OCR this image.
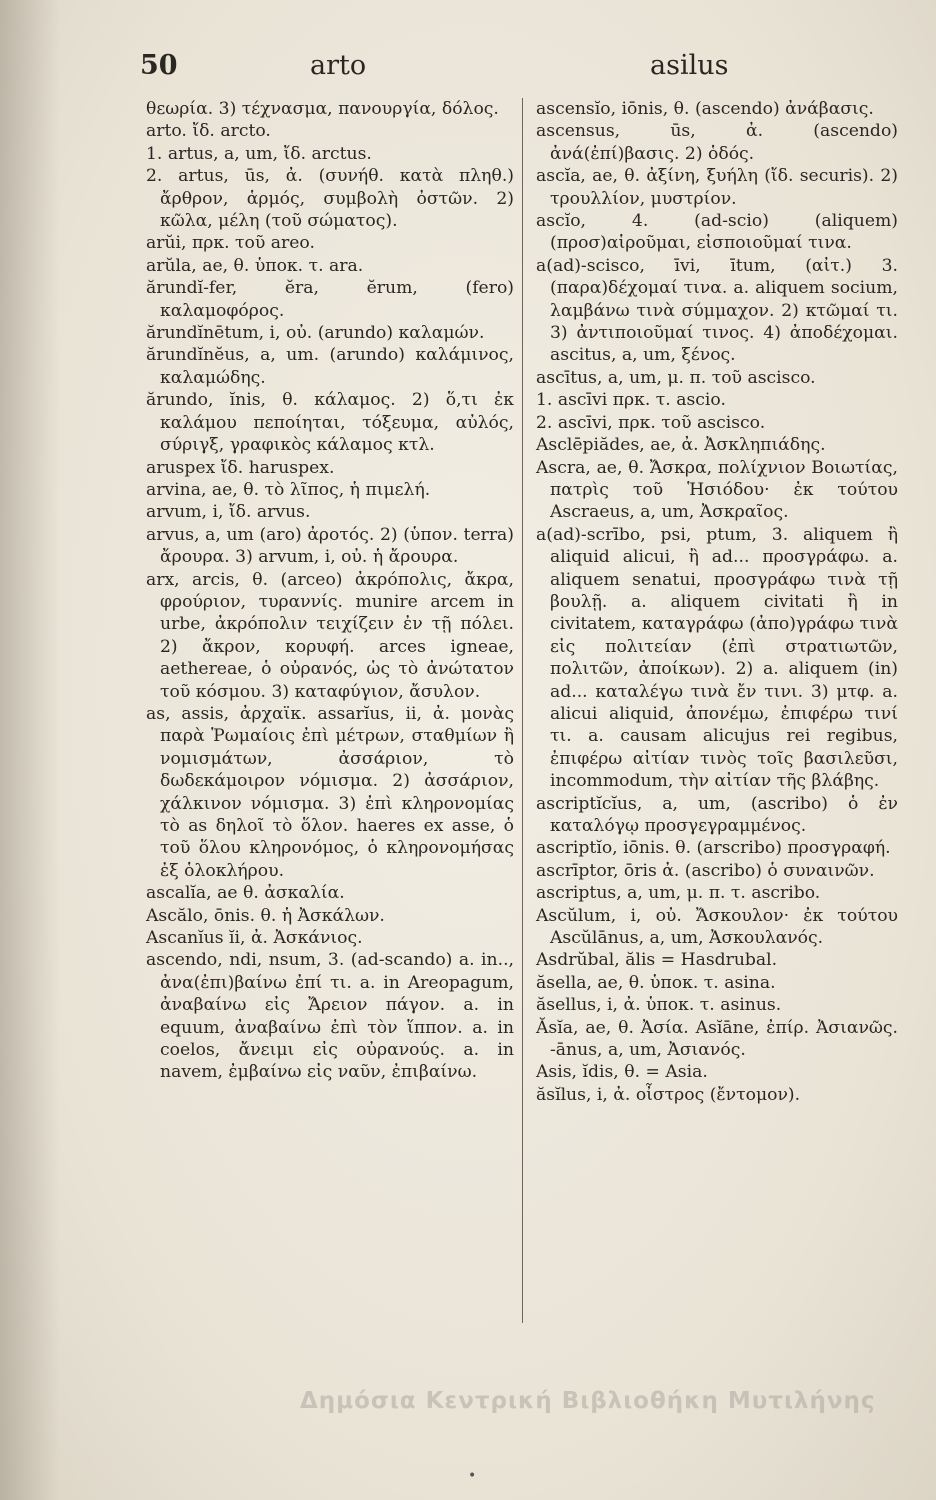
50	arto	asilus
θεωρία. 3) τέχνασμα, πανουργία, δόλος.
arto. ἴδ. arcto.
1. artus, a, um, ἴδ. arctus.
2. artus, ūs, ἀ. (συνήθ. κατὰ πληθ.) ἄρθρον, ἁρμός, συμβολὴ ὀστῶν. 2) κῶλα, μέλη (τοῦ σώματος).
arŭi, πρκ. τοῦ areo.
arŭla, ae, θ. ὑποκ. τ. ara.
ărundĭ-fer, ĕra, ĕrum, (fero) καλαμοφόρος.
ărundĭnētum, i, οὐ. (arundo) καλαμών.
ărundĭnĕus, a, um. (arundo) καλάμινος, καλαμώδης.
ărundo, ĭnis, θ. κάλαμος. 2) ὅ,τι ἐκ καλάμου πεποίηται, τόξευμα, αὐλός, σύριγξ, γραφικὸς κάλαμος κτλ.
aruspex ἴδ. haruspex.
arvina, ae, θ. τὸ λῖπος, ἡ πιμελή.
arvum, i, ἴδ. arvus.
arvus, a, um (aro) ἀροτός. 2) (ὑπον. terra) ἄρουρα. 3) arvum, i, οὐ. ἡ ἄρουρα.
arx, arcis, θ. (arceo) ἀκρόπολις, ἄκρα, φρούριον, τυραννίς. munire arcem in urbe, ἀκρόπολιν τειχίζειν ἐν τῇ πόλει. 2) ἄκρον, κορυφή. arces igneae, aethereae, ὁ οὐρανός, ὡς τὸ ἀνώτατον τοῦ κόσμου. 3) καταφύγιον, ἄσυλον.
as, assis, ἀρχαϊκ. assarĭus, ii, ἀ. μονὰς παρὰ Ῥωμαίοις ἐπὶ μέτρων, σταθμίων ἢ νομισμάτων, ἀσσάριον, τὸ δωδεκάμοιρον νόμισμα. 2) ἀσσάριον, χάλκινον νόμισμα. 3) ἐπὶ κληρονομίας τὸ as δηλοῖ τὸ ὅλον. haeres ex asse, ὁ τοῦ ὅλου κληρονόμος, ὁ κληρονομήσας ἐξ ὁλοκλήρου.
ascalĭa, ae θ. ἀσκαλία.
Ascălo, ōnis. θ. ἡ Ἀσκάλων.
Ascanĭus ĭi, ἀ. Ἀσκάνιος.
ascendo, ndi, nsum, 3. (ad-scando) a. in.., ἀνα(ἐπι)βαίνω ἐπί τι. a. in Areopagum, ἀναβαίνω εἰς Ἄρειον πάγον. a. in equum, ἀναβαίνω ἐπὶ τὸν ἵππον. a. in coelos, ἄνειμι εἰς οὐρανούς. a. in navem, ἐμβαίνω εἰς ναῦν, ἐπιβαίνω.
ascensĭo, iōnis, θ. (ascendo) ἀνάβασις.
ascensus, ūs, ἀ. (ascendo) ἀνά(ἐπί)βασις. 2) ὁδός.
ascĭa, ae, θ. ἀξίνη, ξυήλη (ἴδ. securis). 2) τρουλλίον, μυστρίον.
ascĭo, 4. (ad-scio) (aliquem) (προσ)αἱροῦμαι, εἰσποιοῦμαί τινα.
a(ad)-scisco, īvi, ītum, (αἰτ.) 3. (παρα)δέχομαί τινα. a. aliquem socium, λαμβάνω τινὰ σύμμαχον. 2) κτῶμαί τι. 3) ἀντιποιοῦμαί τινος. 4) ἀποδέχομαι. ascitus, a, um, ξένος.
ascītus, a, um, μ. π. τοῦ ascisco.
1. ascīvi πρκ. τ. ascio.
2. ascīvi, πρκ. τοῦ ascisco.
Asclēpiădes, ae, ἀ. Ἀσκληπιάδης.
Ascra, ae, θ. Ἄσκρα, πολίχνιον Βοιωτίας, πατρὶς τοῦ Ἡσιόδου· ἐκ τούτου Ascraeus, a, um, Ἀσκραῖος.
a(ad)-scrībo, psi, ptum, 3. aliquem ἢ aliquid alicui, ἢ ad... προσγράφω. a. aliquem senatui, προσγράφω τινὰ τῇ βουλῇ. a. aliquem civitati ἢ in civitatem, καταγράφω (ἀπο)γράφω τινὰ εἰς πολιτείαν (ἐπὶ στρατιωτῶν, πολιτῶν, ἀποίκων). 2) a. aliquem (in) ad... καταλέγω τινὰ ἔν τινι. 3) μτφ. a. alicui aliquid, ἀπονέμω, ἐπιφέρω τινί τι. a. causam alicujus rei regibus, ἐπιφέρω αἰτίαν τινὸς τοῖς βασιλεῦσι, incommodum, τὴν αἰτίαν τῆς βλάβης.
ascriptĭcĭus, a, um, (ascribo) ὁ ἐν καταλόγῳ προσγεγραμμένος.
ascriptĭo, iōnis. θ. (arscribo) προσγραφή.
ascrīptor, ōris ἀ. (ascribo) ὁ συναινῶν.
ascriptus, a, um, μ. π. τ. ascribo.
Ascŭlum, i, οὐ. Ἄσκουλον· ἐκ τούτου Ascŭlānus, a, um, Ἀσκουλανός.
Asdrŭbal, ălis = Hasdrubal.
ăsella, ae, θ. ὑποκ. τ. asina.
ăsellus, i, ἀ. ὑποκ. τ. asinus.
Ăsĭa, ae, θ. Ἀσία. Asĭāne, ἐπίρ. Ἀσιανῶς. -ānus, a, um, Ἀσιανός.
Asis, ĭdis, θ. = Asia.
ăsĭlus, i, ἀ. οἶστρος (ἔντομον).
Δημόσια Κεντρική Βιβλιοθήκη Μυτιλήνης
•
